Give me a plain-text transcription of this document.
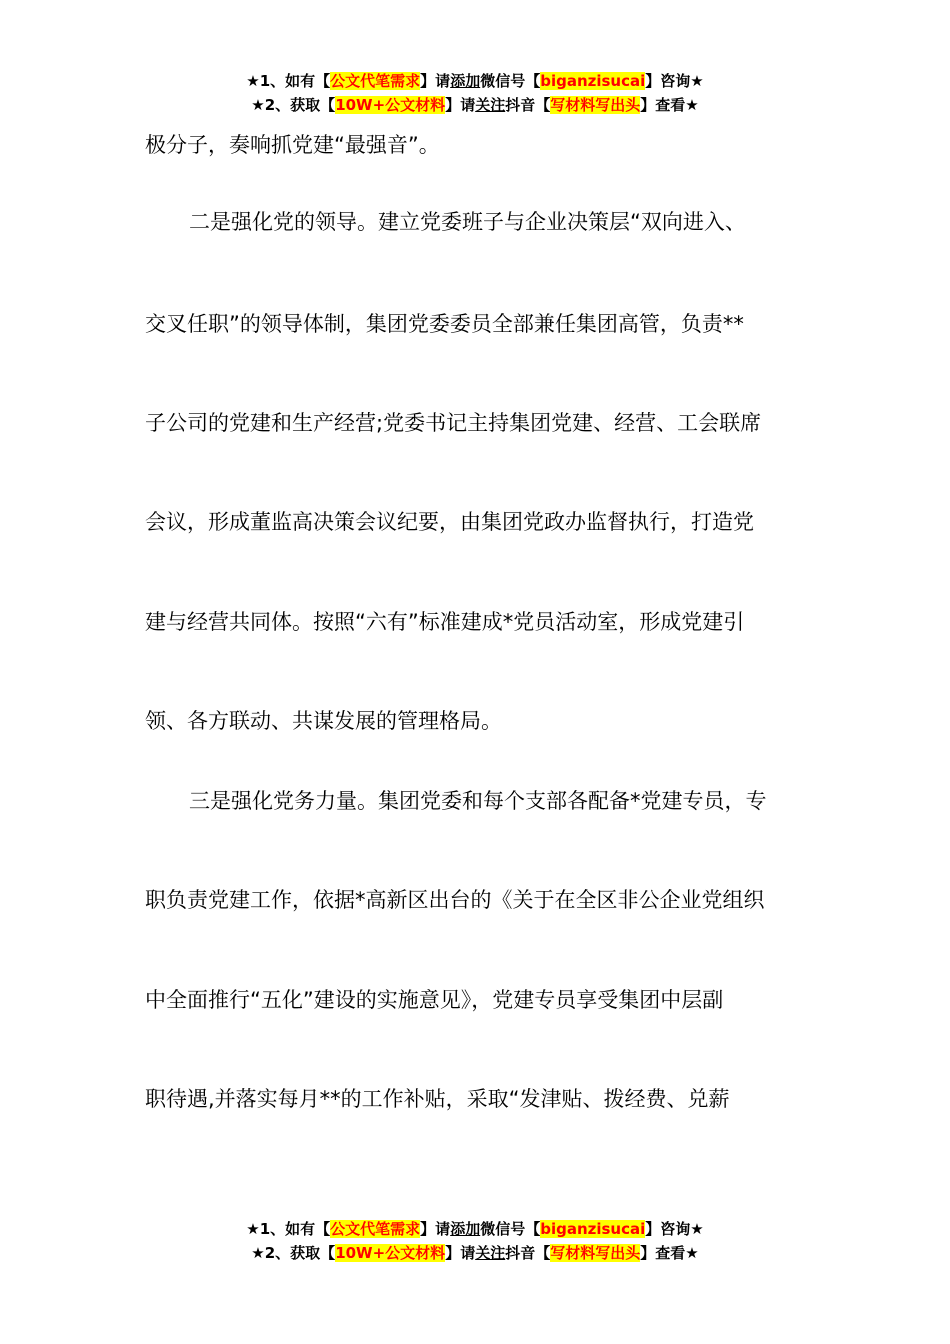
★1、如有【公文代笔需求】请添加微信号【biganzisucai】咨询★
★2、获取【10W+公文材料】请关注抖音【写材料写出头】查看★
极分子，奏响抓党建“最强音”。
二是强化党的领导。建立党委班子与企业决策层“双向进入、
交叉任职”的领导体制，集团党委委员全部兼任集团高管，负责**
子公司的党建和生产经营;党委书记主持集团党建、经营、工会联席
会议，形成董监高决策会议纪要，由集团党政办监督执行，打造党
建与经营共同体。按照“六有”标准建成*党员活动室，形成党建引
领、各方联动、共谋发展的管理格局。
三是强化党务力量。集团党委和每个支部各配备*党建专员，专
职负责党建工作，依据*高新区出台的《关于在全区非公企业党组织
中全面推行“五化”建设的实施意见》，党建专员享受集团中层副
职待遇,并落实每月**的工作补贴，采取“发津贴、拨经费、兑薪
★1、如有【公文代笔需求】请添加微信号【biganzisucai】咨询★
★2、获取【10W+公文材料】请关注抖音【写材料写出头】查看★
